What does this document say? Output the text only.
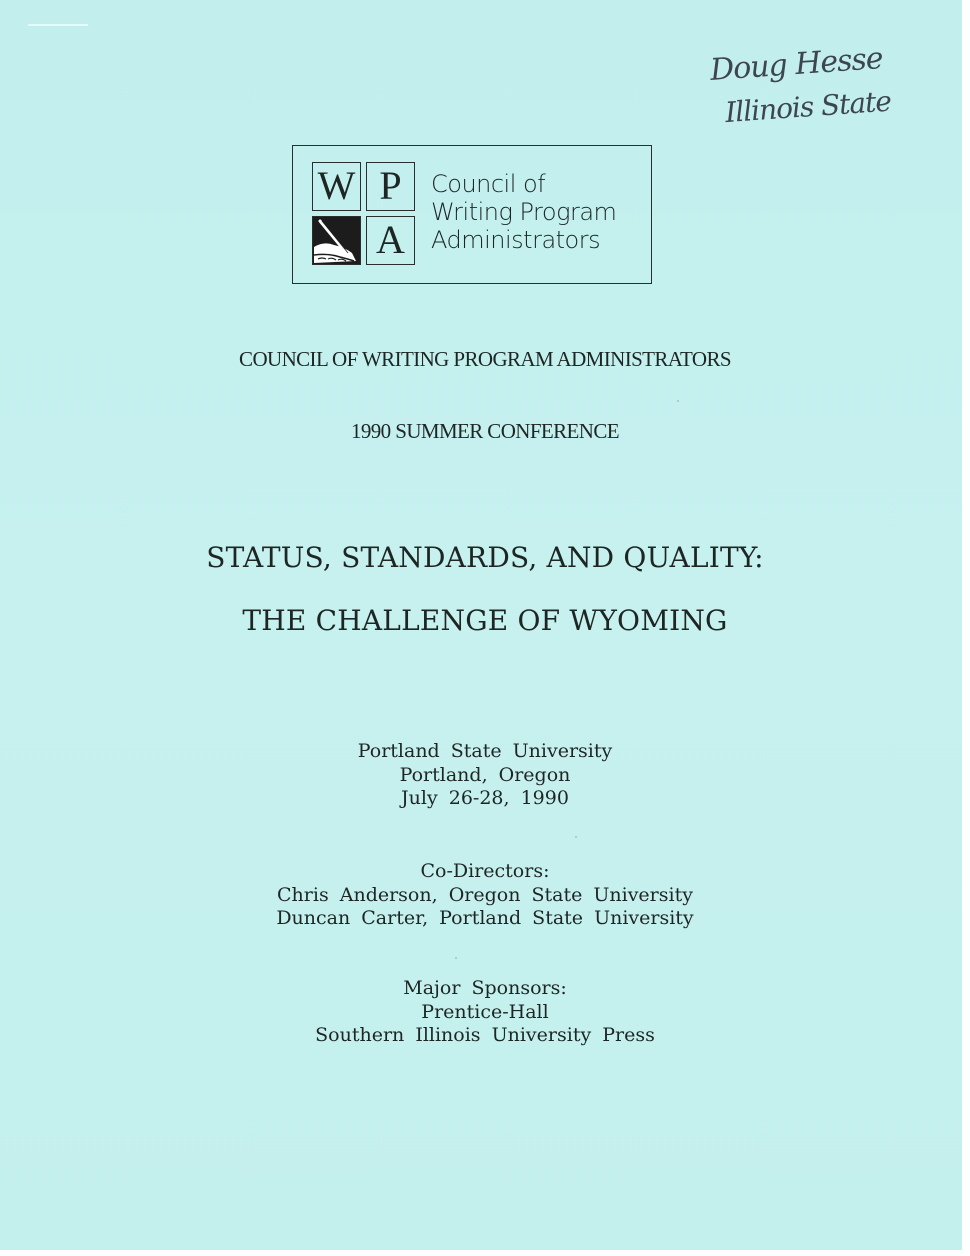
Doug Hesse
Illinois State
W P
A
Council of
Writing Program
Administrators
COUNCIL OF WRITING PROGRAM ADMINISTRATORS
1990 SUMMER CONFERENCE
STATUS, STANDARDS, AND QUALITY:
THE CHALLENGE OF WYOMING
Portland State University
Portland, Oregon
July 26-28, 1990
Co-Directors:
Chris Anderson, Oregon State University
Duncan Carter, Portland State University
Major Sponsors:
Prentice-Hall
Southern Illinois University Press
